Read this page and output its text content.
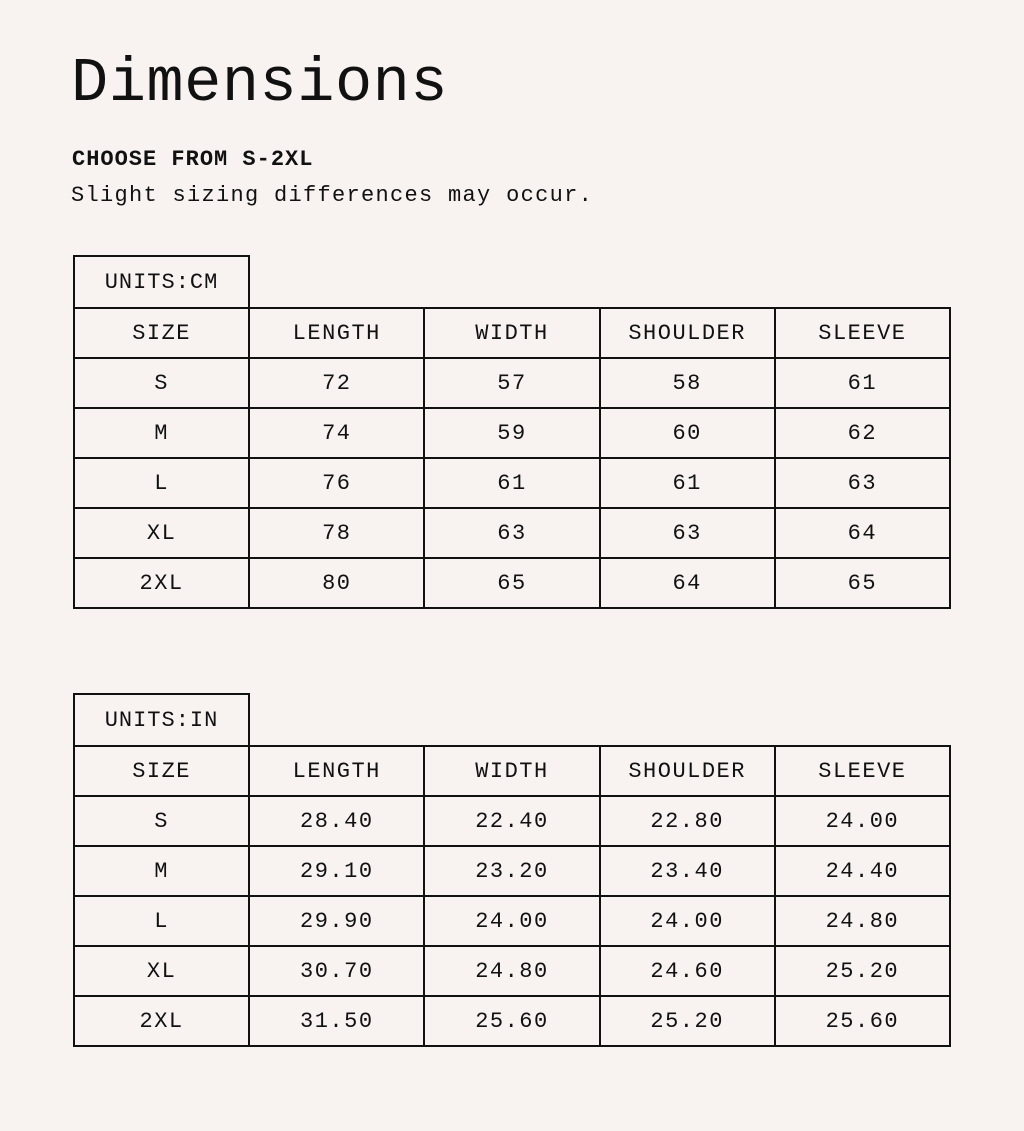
Dimensions
CHOOSE FROM S-2XL

Slight sizing differences may occur.

UNITS:CM
SIZE	LENGTH	WIDTH	SHOULDER	SLEEVE
S	72	57	58	61
M	74	59	60	62
L	76	61	61	63
XL	78	63	63	64
2XL	80	65	64	65
UNITS:IN
SIZE	LENGTH	WIDTH	SHOULDER	SLEEVE
S	28.40	22.40	22.80	24.00
M	29.10	23.20	23.40	24.40
L	29.90	24.00	24.00	24.80
XL	30.70	24.80	24.60	25.20
2XL	31.50	25.60	25.20	25.60
